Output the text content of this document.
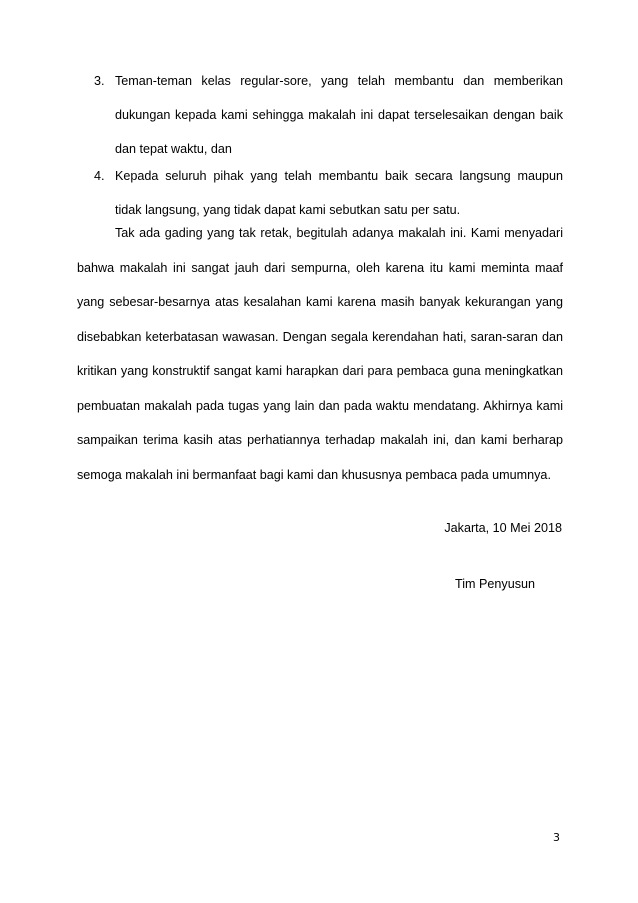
3. Teman-teman kelas regular-sore, yang telah membantu dan memberikan dukungan kepada kami sehingga makalah ini dapat terselesaikan dengan baik dan tepat waktu, dan
4. Kepada seluruh pihak yang telah membantu baik secara langsung maupun tidak langsung, yang tidak dapat kami sebutkan satu per satu.

Tak ada gading yang tak retak, begitulah adanya makalah ini. Kami menyadari bahwa makalah ini sangat jauh dari sempurna, oleh karena itu kami meminta maaf yang sebesar-besarnya atas kesalahan kami karena masih banyak kekurangan yang disebabkan keterbatasan wawasan. Dengan segala kerendahan hati, saran-saran dan kritikan yang konstruktif sangat kami harapkan dari para pembaca guna meningkatkan pembuatan makalah pada tugas yang lain dan pada waktu mendatang. Akhirnya kami sampaikan terima kasih atas perhatiannya terhadap makalah ini, dan kami berharap semoga makalah ini bermanfaat bagi kami dan khususnya pembaca pada umumnya.

Jakarta, 10 Mei 2018
Tim Penyusun
3
